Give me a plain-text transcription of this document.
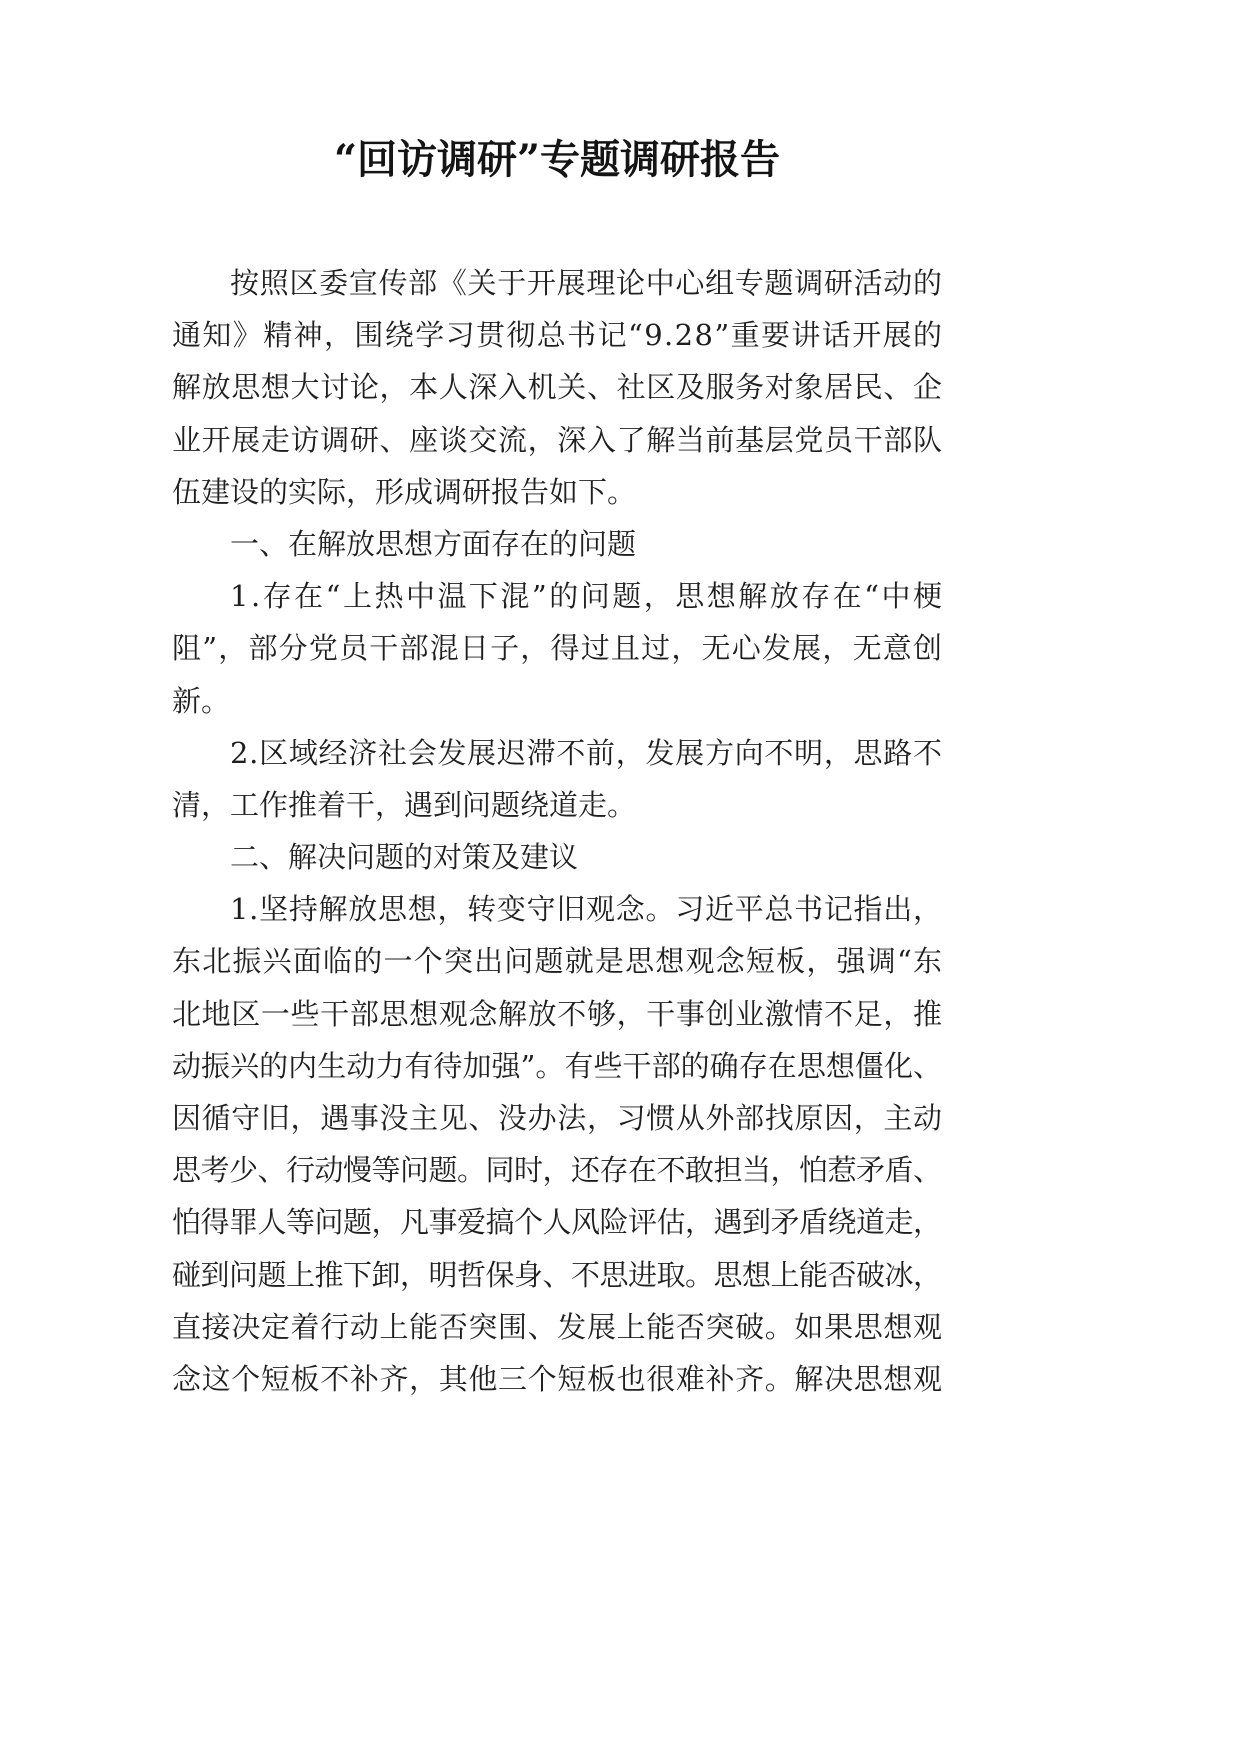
“回访调研”专题调研报告
按照区委宣传部《关于开展理论中心组专题调研活动的
通知》精神，围绕学习贯彻总书记“9.28”重要讲话开展的
解放思想大讨论，本人深入机关、社区及服务对象居民、企
业开展走访调研、座谈交流，深入了解当前基层党员干部队
伍建设的实际，形成调研报告如下。
一、在解放思想方面存在的问题
1.存在“上热中温下混”的问题，思想解放存在“中梗
阻”，部分党员干部混日子，得过且过，无心发展，无意创
新。
2.区域经济社会发展迟滞不前，发展方向不明，思路不
清，工作推着干，遇到问题绕道走。
二、解决问题的对策及建议
1.坚持解放思想，转变守旧观念。习近平总书记指出，
东北振兴面临的一个突出问题就是思想观念短板，强调“东
北地区一些干部思想观念解放不够，干事创业激情不足，推
动振兴的内生动力有待加强”。有些干部的确存在思想僵化、
因循守旧，遇事没主见、没办法，习惯从外部找原因，主动
思考少、行动慢等问题。同时，还存在不敢担当，怕惹矛盾、
怕得罪人等问题，凡事爱搞个人风险评估，遇到矛盾绕道走，
碰到问题上推下卸，明哲保身、不思进取。思想上能否破冰，
直接决定着行动上能否突围、发展上能否突破。如果思想观
念这个短板不补齐，其他三个短板也很难补齐。解决思想观
